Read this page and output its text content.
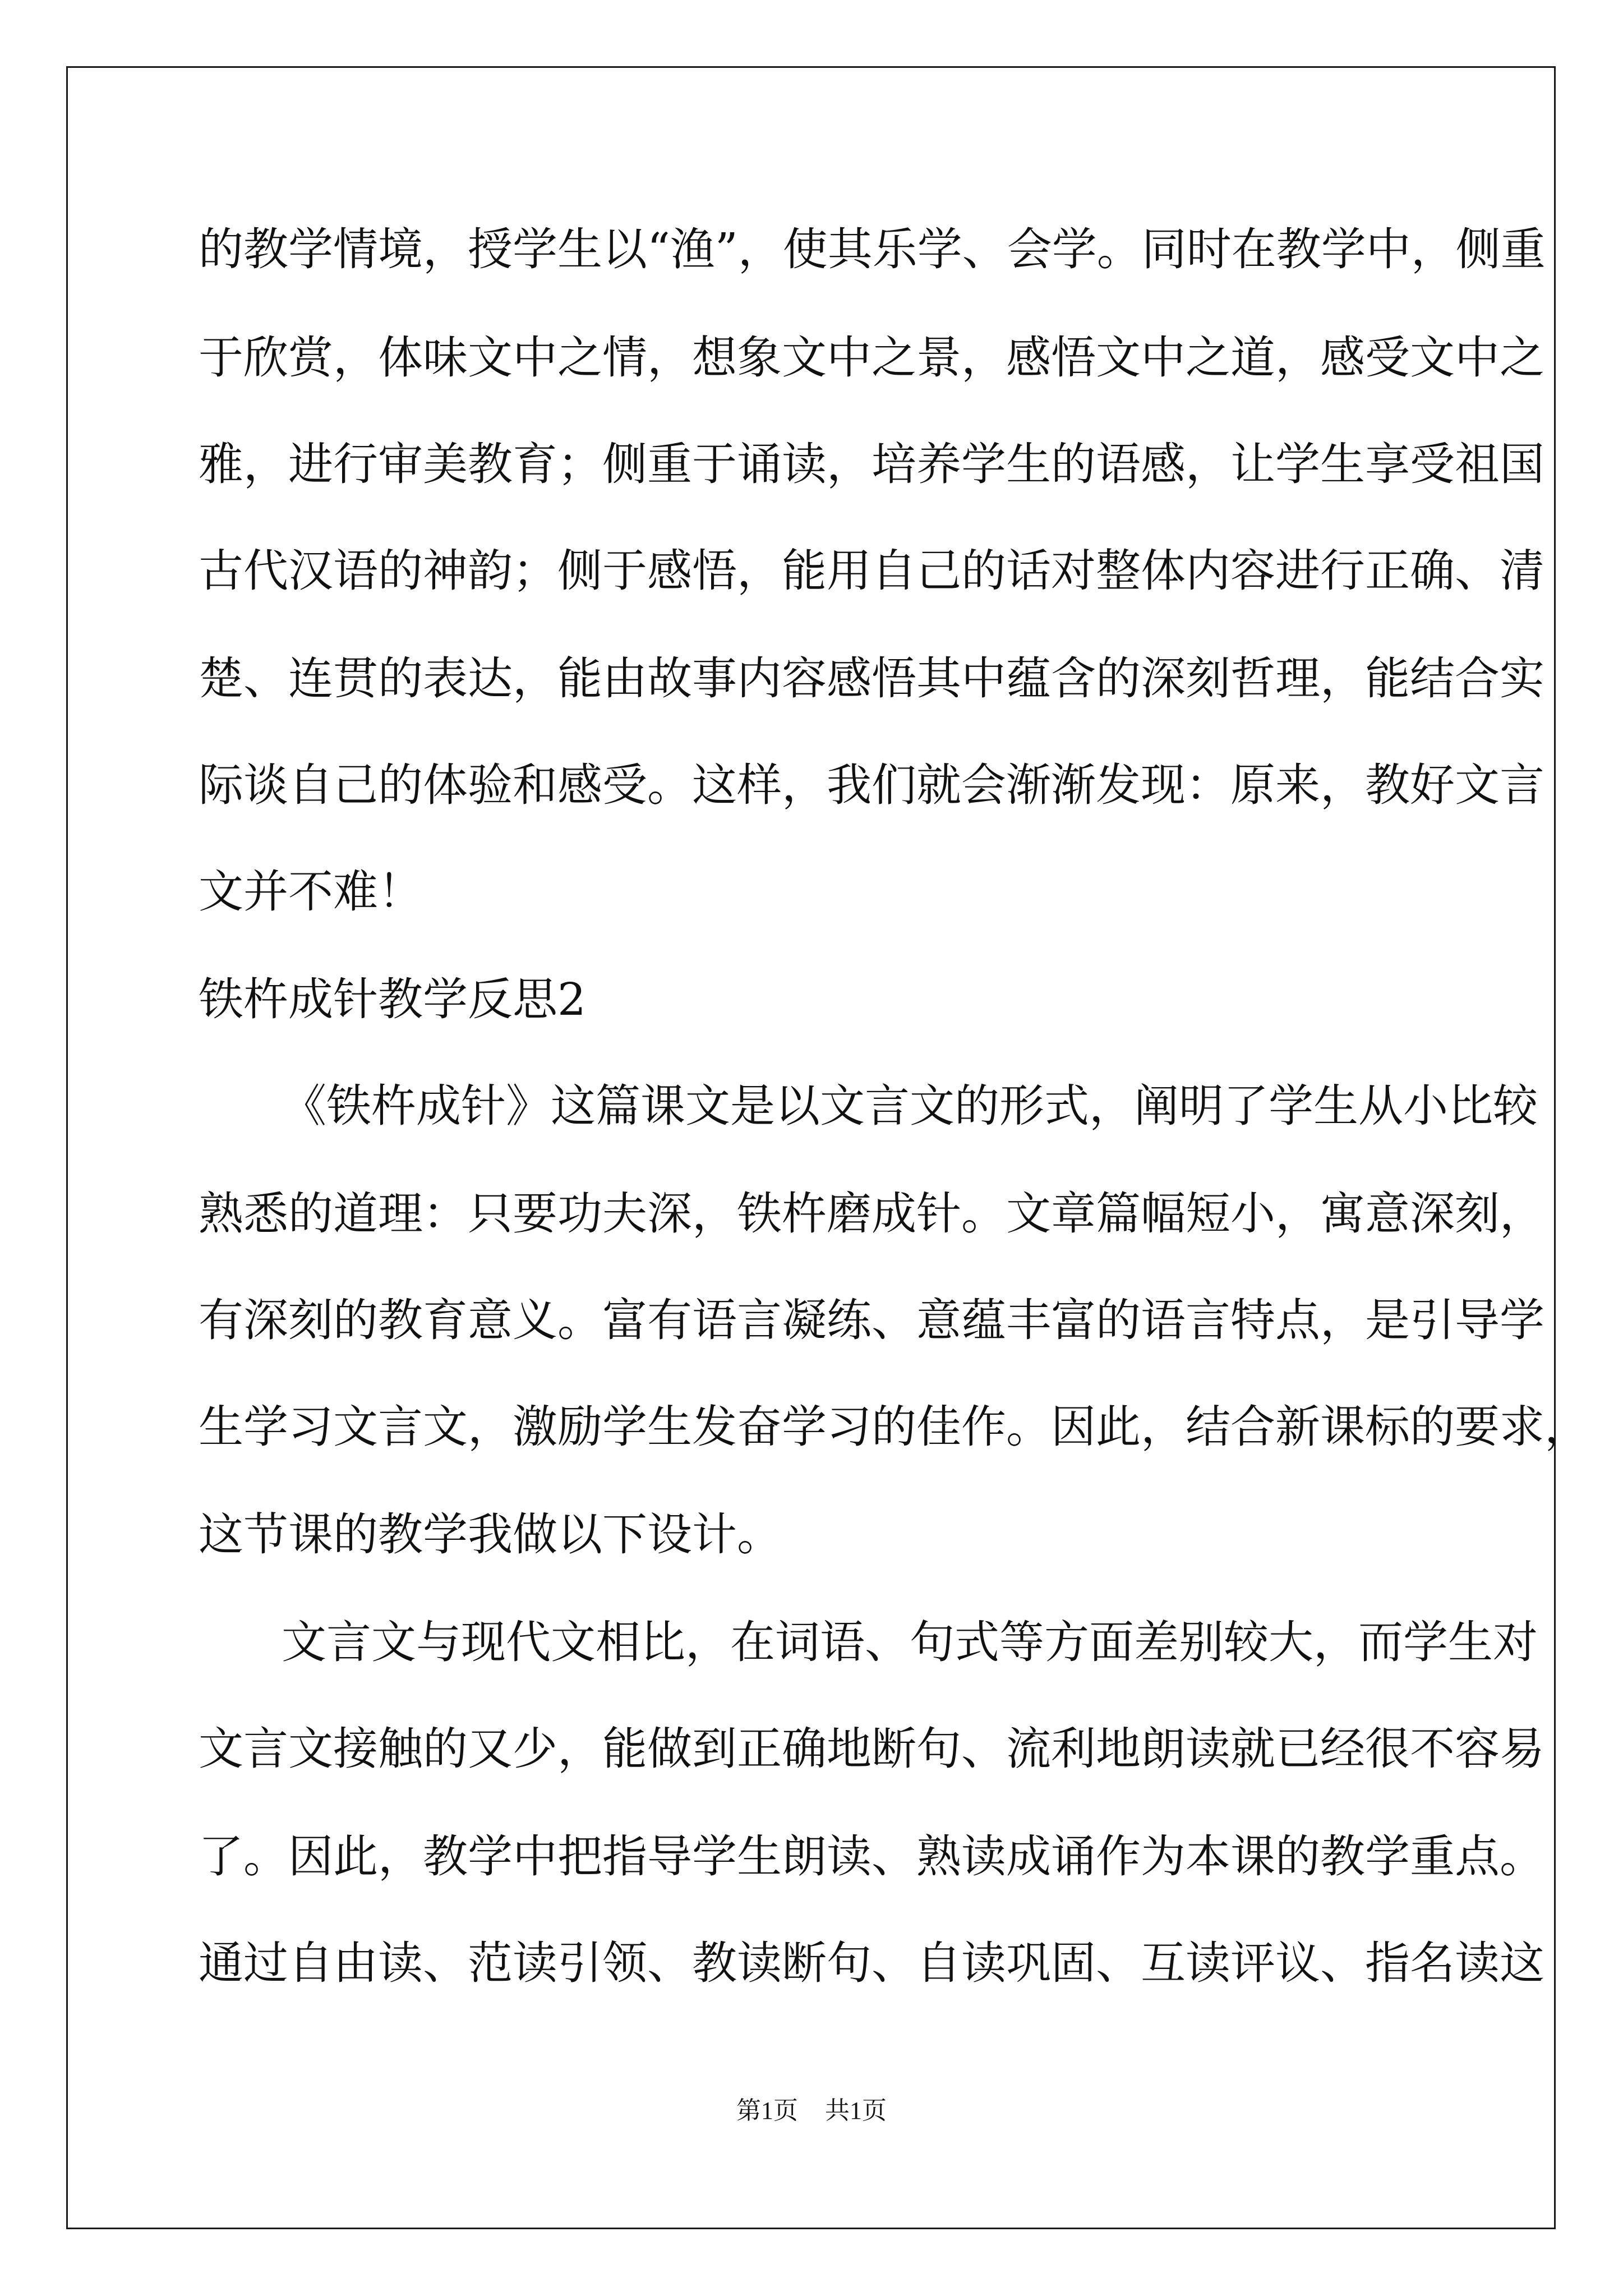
的教学情境，授学生以“渔”，使其乐学、会学。同时在教学中，侧重

于欣赏，体味文中之情，想象文中之景，感悟文中之道，感受文中之

雅，进行审美教育；侧重于诵读，培养学生的语感，让学生享受祖国

古代汉语的神韵；侧于感悟，能用自己的话对整体内容进行正确、清

楚、连贯的表达，能由故事内容感悟其中蕴含的深刻哲理，能结合实

际谈自己的体验和感受。这样，我们就会渐渐发现：原来，教好文言

文并不难！

铁杵成针教学反思2

《铁杵成针》这篇课文是以文言文的形式，阐明了学生从小比较

熟悉的道理：只要功夫深，铁杵磨成针。文章篇幅短小，寓意深刻，

有深刻的教育意义。富有语言凝练、意蕴丰富的语言特点，是引导学

生学习文言文，激励学生发奋学习的佳作。因此，结合新课标的要求，

这节课的教学我做以下设计。

文言文与现代文相比，在词语、句式等方面差别较大，而学生对

文言文接触的又少，能做到正确地断句、流利地朗读就已经很不容易

了。因此，教学中把指导学生朗读、熟读成诵作为本课的教学重点。

通过自由读、范读引领、教读断句、自读巩固、互读评议、指名读这

第1页 共1页
